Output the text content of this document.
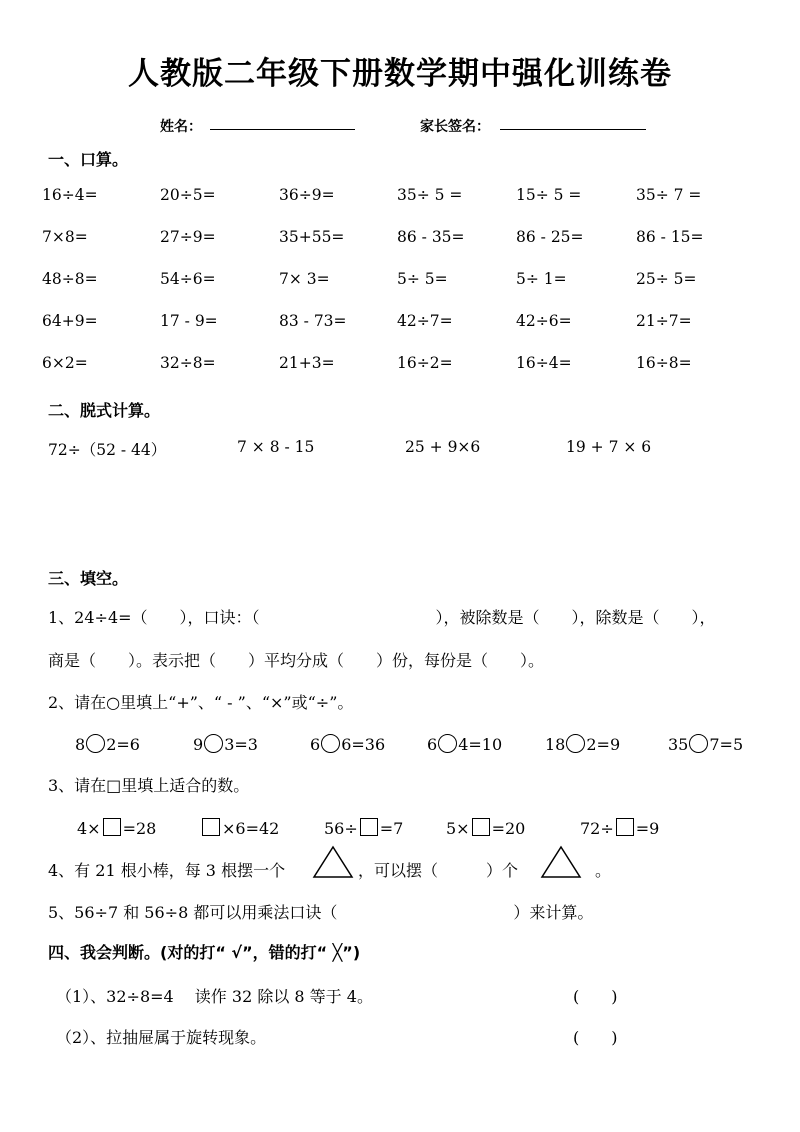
人教版二年级下册数学期中强化训练卷
姓名：	家长签名：
一、口算。
16÷4=	20÷5=	36÷9=	35÷ 5 =	15÷ 5 =	35÷ 7 =
7×8=	27÷9=	35+55=	86 - 35=	86 - 25=	86 - 15=
48÷8=	54÷6=	7× 3=	5÷ 5=	5÷ 1=	25÷ 5=
64+9=	17 - 9=	83 - 73=	42÷7=	42÷6=	21÷7=
6×2=	32÷8=	21+3=	16÷2=	16÷4=	16÷8=
二、脱式计算。
72÷（52 - 44）	7 × 8 - 15	25 + 9×6	19 + 7 × 6
三、填空。
1、24÷4=（　　），口诀：（　　　　　　　　　　　），被除数是（　　），除数是（　　），
商是（　　）。表示把（　　）平均分成（　　）份，每份是（　　）。
2、请在○里填上“+”、“ - ”、“×”或“÷”。
8 2=6	9 3=3	6 6=36	6 4=10	18 2=9	35 7=5
3、请在□里填上适合的数。
4× =28	×6=42	56÷ =7	5× =20	72÷ =9
4、有 21 根小棒，每 3 根摆一个	，可以摆（　　　）个	。
5、56÷7 和 56÷8 都可以用乘法口诀（　　　　　　　　　　　）来计算。
四、我会判断。(对的打“ √”，错的打“ ╳”)
（1）、32÷8=4　 读作 32 除以 8 等于 4。	(　　)
（2）、拉抽屉属于旋转现象。	(　　)
